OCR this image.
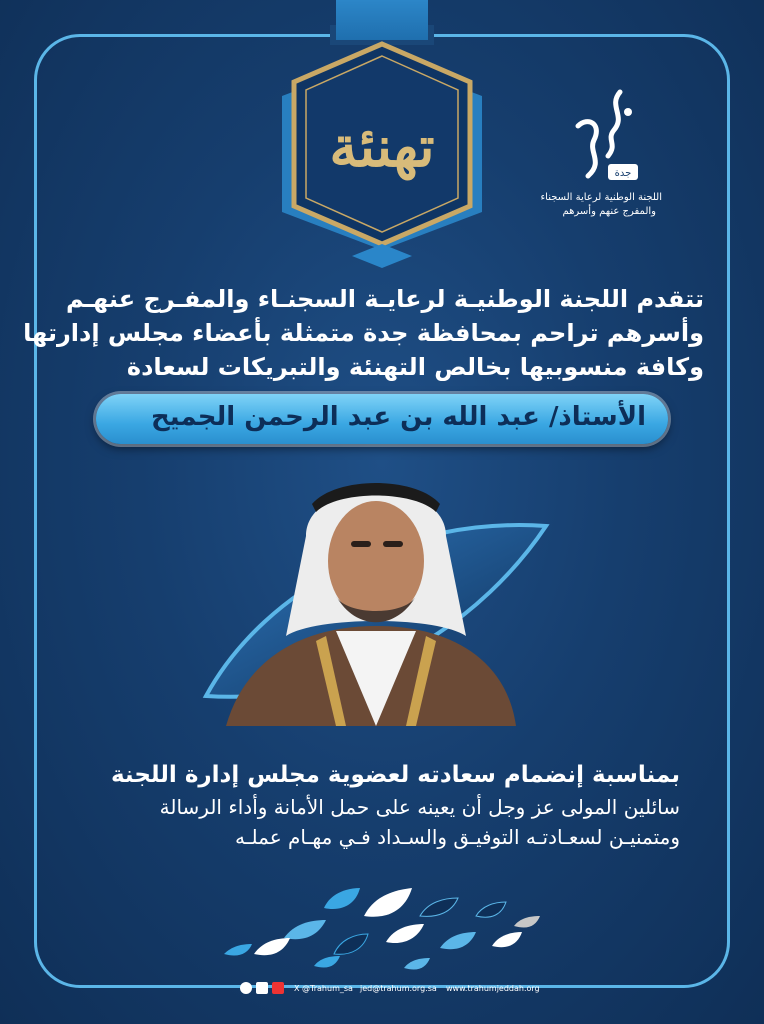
تهنئة	جدة
اللجنة الوطنية لرعاية السجناء
والمفرج عنهم وأسرهم
تتقدم اللجنة الوطنيـة لرعايـة السجنـاء والمفـرج عنهـم
وأسرهم تراحم بمحافظة جدة متمثلة بأعضاء مجلس إدارتها
وكافة منسوبيها بخالص التهنئة والتبريكات لسعادة
الأستاذ/ عبد الله بن عبد الرحمن الجميح
بمناسبة إنضمام سعادته لعضوية مجلس إدارة اللجنة
سائلين المولى عز وجل أن يعينه على حمل الأمانة وأداء الرسالة
ومتمنيـن لسعـادتـه التوفيـق والسـداد فـي مهـام عملـه
X @Trahum_sa jed@trahum.org.sa www.trahumjeddah.org
